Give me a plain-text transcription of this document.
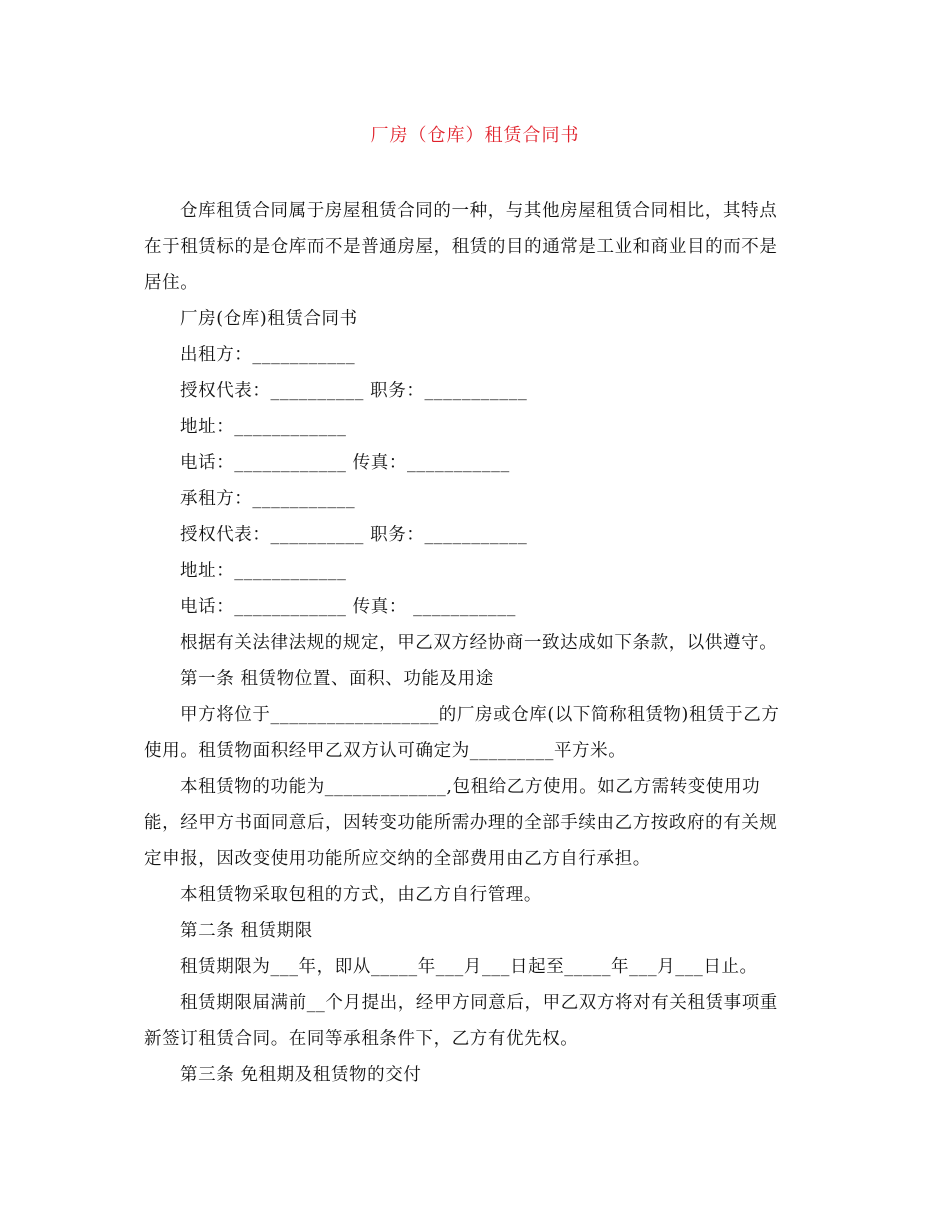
厂房（仓库）租赁合同书
仓库租赁合同属于房屋租赁合同的一种，与其他房屋租赁合同相比，其特点
在于租赁标的是仓库而不是普通房屋，租赁的目的通常是工业和商业目的而不是
居住。
厂房(仓库)租赁合同书
出租方：___________
授权代表：__________ 职务：___________
地址：____________
电话：____________ 传真：___________
承租方：___________
授权代表：__________ 职务：___________
地址：____________
电话：____________ 传真： ___________
根据有关法律法规的规定，甲乙双方经协商一致达成如下条款，以供遵守。
第一条 租赁物位置、面积、功能及用途
甲方将位于__________________的厂房或仓库(以下简称租赁物)租赁于乙方
使用。租赁物面积经甲乙双方认可确定为_________平方米。
本租赁物的功能为_____________,包租给乙方使用。如乙方需转变使用功
能，经甲方书面同意后，因转变功能所需办理的全部手续由乙方按政府的有关规
定申报，因改变使用功能所应交纳的全部费用由乙方自行承担。
本租赁物采取包租的方式，由乙方自行管理。
第二条 租赁期限
租赁期限为___年，即从_____年___月___日起至_____年___月___日止。
租赁期限届满前__个月提出，经甲方同意后，甲乙双方将对有关租赁事项重
新签订租赁合同。在同等承租条件下，乙方有优先权。
第三条 免租期及租赁物的交付
